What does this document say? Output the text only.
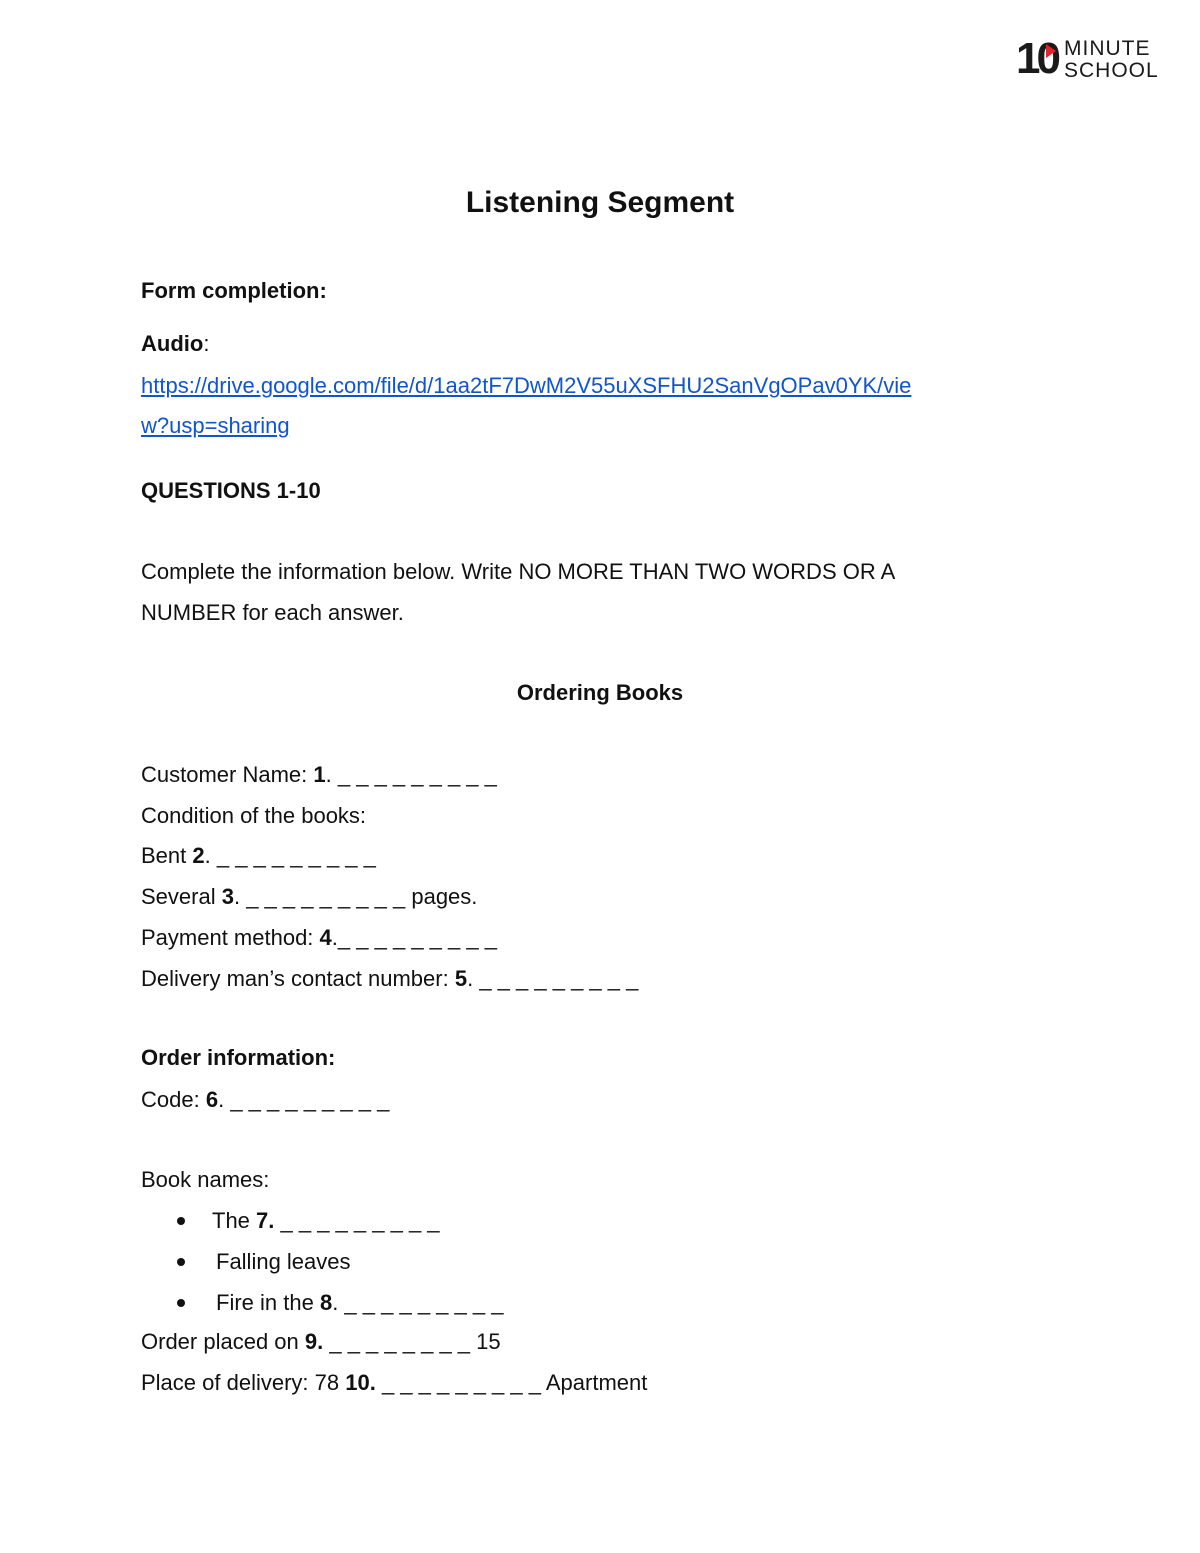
10 MINUTE
SCHOOL
Listening Segment
Form completion:
Audio:
https://drive.google.com/file/d/1aa2tF7DwM2V55uXSFHU2SanVgOPav0YK/vie
w?usp=sharing
QUESTIONS 1-10
Complete the information below. Write NO MORE THAN TWO WORDS OR A
NUMBER for each answer.
Ordering Books
Customer Name: 1. _ _ _ _ _ _ _ _ _
Condition of the books:
Bent 2. _ _ _ _ _ _ _ _ _
Several 3. _ _ _ _ _ _ _ _ _ pages.
Payment method: 4._ _ _ _ _ _ _ _ _
Delivery man’s contact number: 5. _ _ _ _ _ _ _ _ _
Order information:
Code: 6. _ _ _ _ _ _ _ _ _
Book names:
The 7. _ _ _ _ _ _ _ _ _
Falling leaves
Fire in the 8. _ _ _ _ _ _ _ _ _
Order placed on 9. _ _ _ _ _ _ _ _ 15
Place of delivery: 78 10. _ _ _ _ _ _ _ _ _ Apartment
